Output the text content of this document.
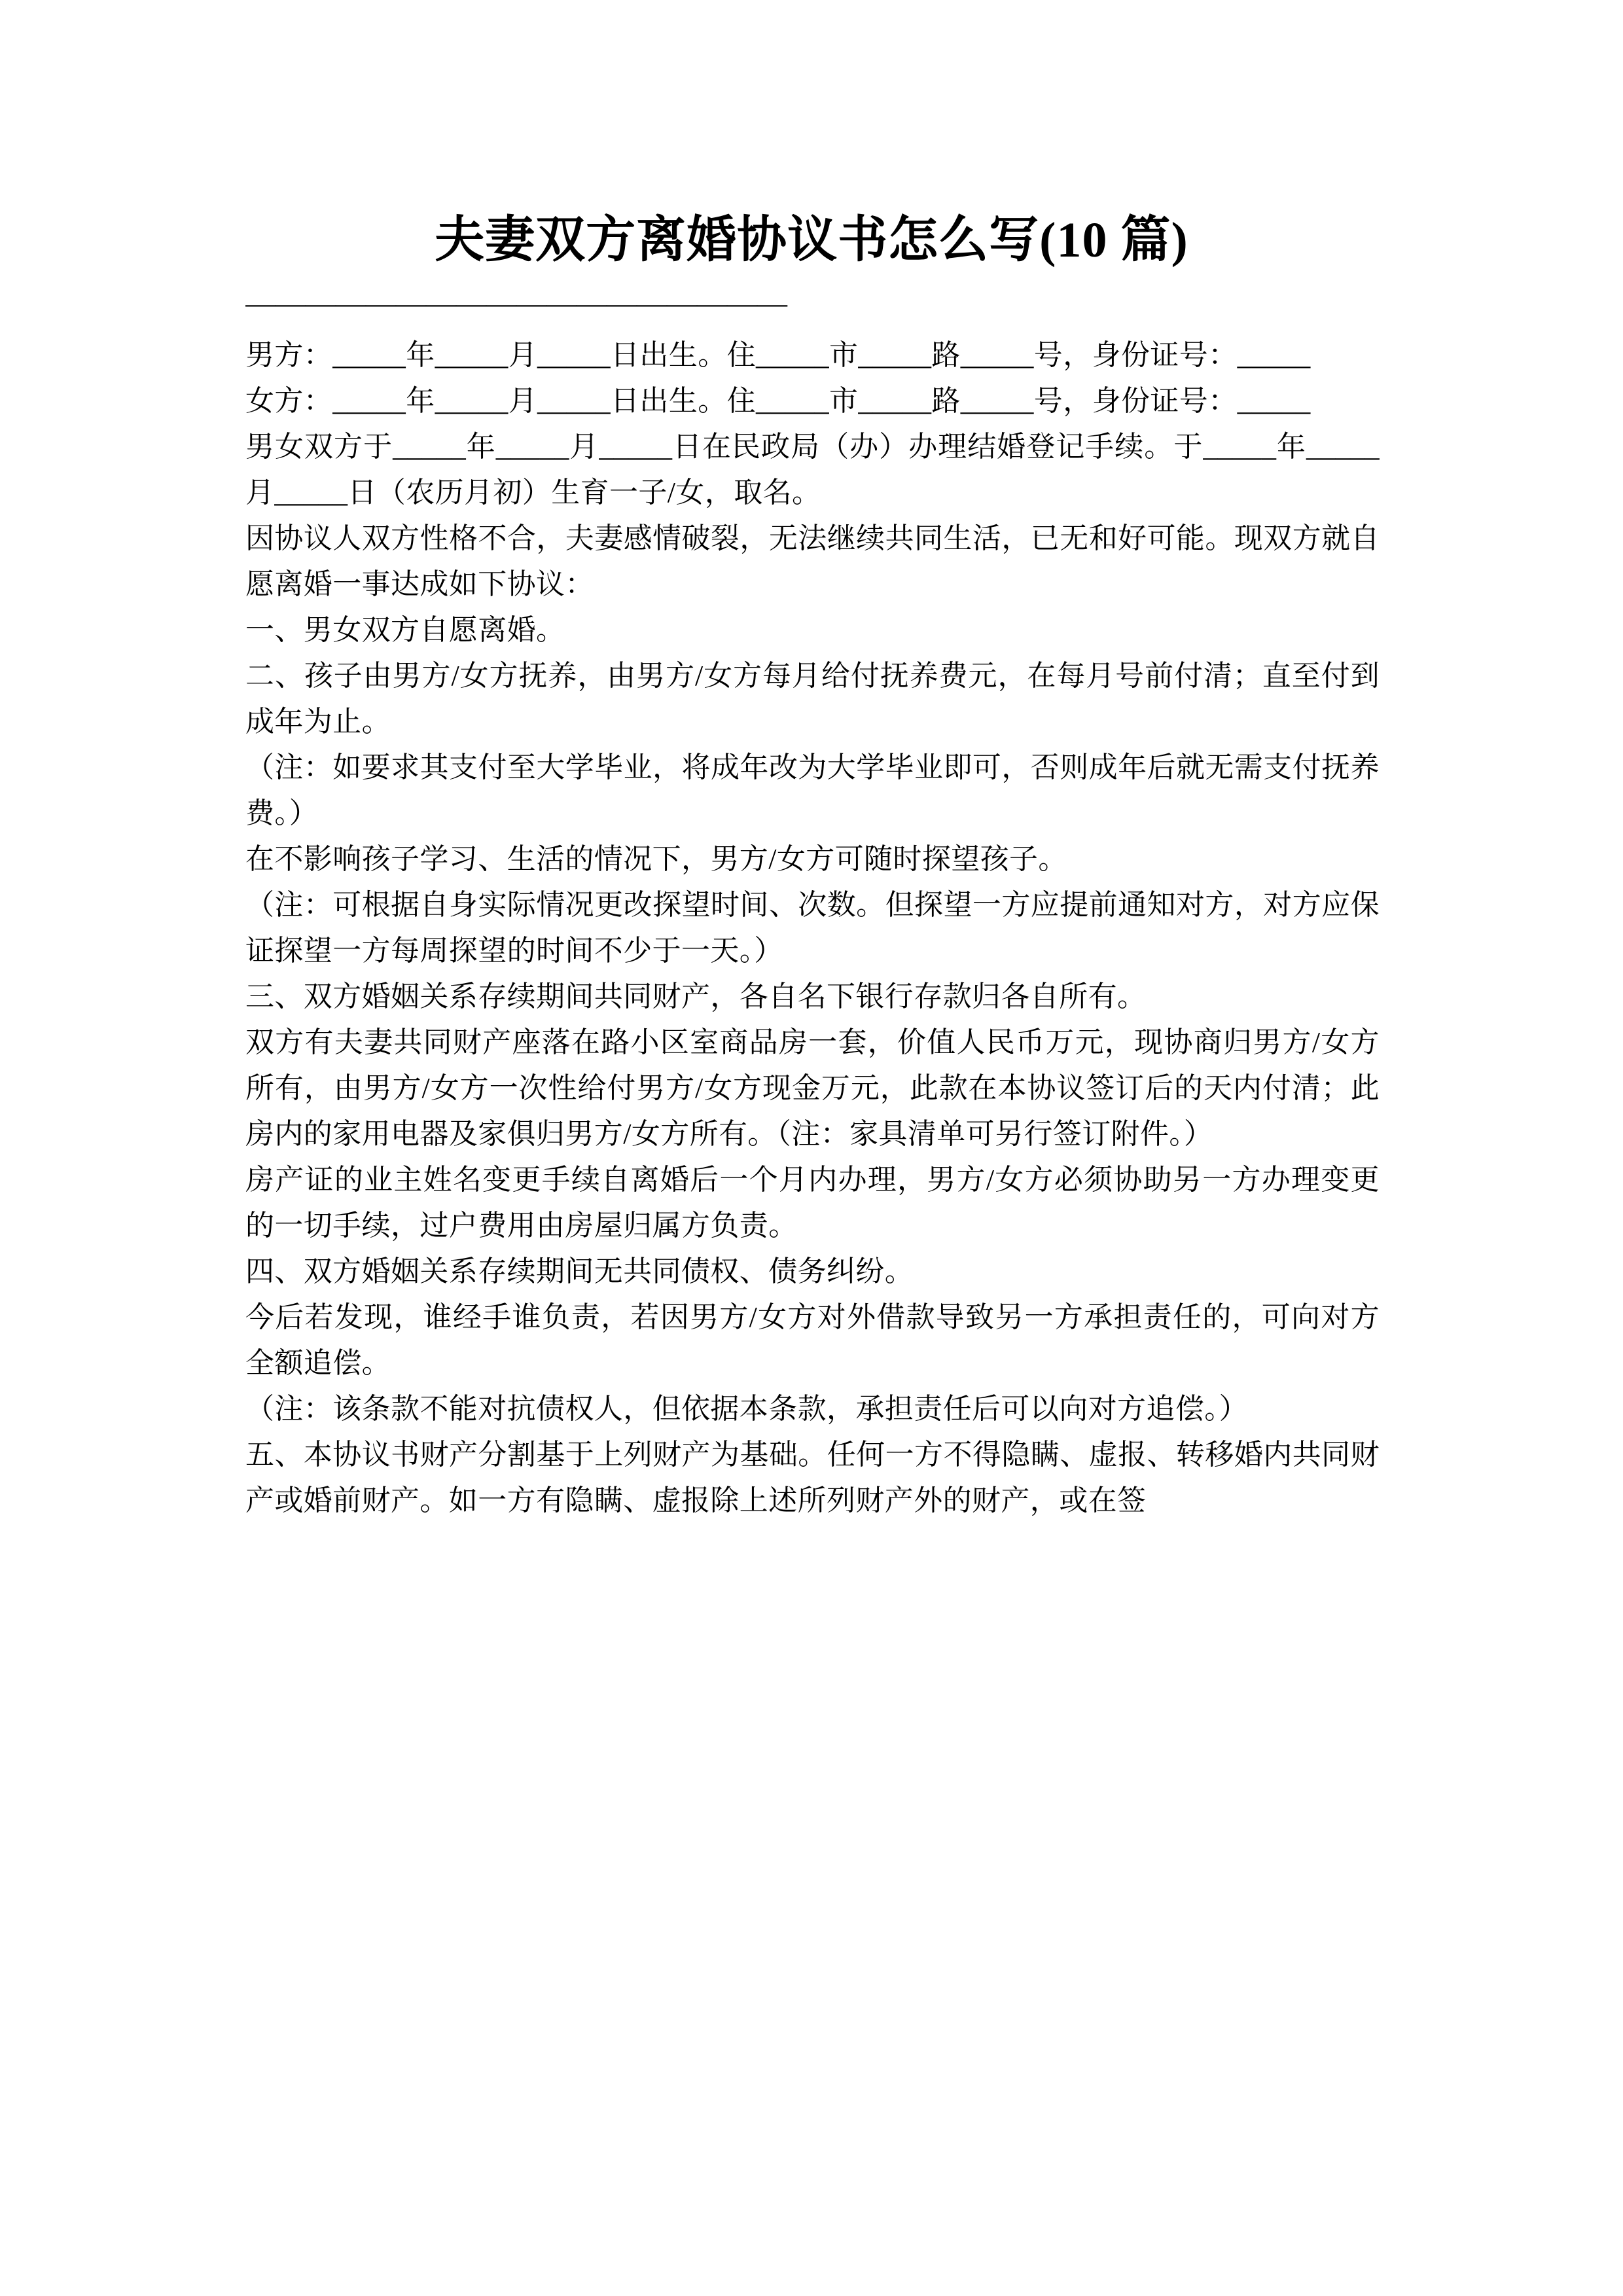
夫妻双方离婚协议书怎么写(10 篇)
——————————————————

男方：_____年_____月_____日出生。住_____市_____路_____号，身份证号：_____

女方：_____年_____月_____日出生。住_____市_____路_____号，身份证号：_____

男女双方于_____年_____月_____日在民政局（办）办理结婚登记手续。于_____年_____月_____日（农历月初）生育一子/女，取名。

因协议人双方性格不合，夫妻感情破裂，无法继续共同生活，已无和好可能。现双方就自愿离婚一事达成如下协议：

一、男女双方自愿离婚。

二、孩子由男方/女方抚养，由男方/女方每月给付抚养费元，在每月号前付清；直至付到成年为止。

（注：如要求其支付至大学毕业，将成年改为大学毕业即可，否则成年后就无需支付抚养费。）

在不影响孩子学习、生活的情况下，男方/女方可随时探望孩子。

（注：可根据自身实际情况更改探望时间、次数。但探望一方应提前通知对方，对方应保证探望一方每周探望的时间不少于一天。）

三、双方婚姻关系存续期间共同财产，各自名下银行存款归各自所有。

双方有夫妻共同财产座落在路小区室商品房一套，价值人民币万元，现协商归男方/女方所有，由男方/女方一次性给付男方/女方现金万元，此款在本协议签订后的天内付清；此房内的家用电器及家俱归男方/女方所有。（注：家具清单可另行签订附件。）

房产证的业主姓名变更手续自离婚后一个月内办理，男方/女方必须协助另一方办理变更的一切手续，过户费用由房屋归属方负责。

四、双方婚姻关系存续期间无共同债权、债务纠纷。

今后若发现，谁经手谁负责，若因男方/女方对外借款导致另一方承担责任的，可向对方全额追偿。

（注：该条款不能对抗债权人，但依据本条款，承担责任后可以向对方追偿。）

五、本协议书财产分割基于上列财产为基础。任何一方不得隐瞒、虚报、转移婚内共同财产或婚前财产。如一方有隐瞒、虚报除上述所列财产外的财产，或在签
